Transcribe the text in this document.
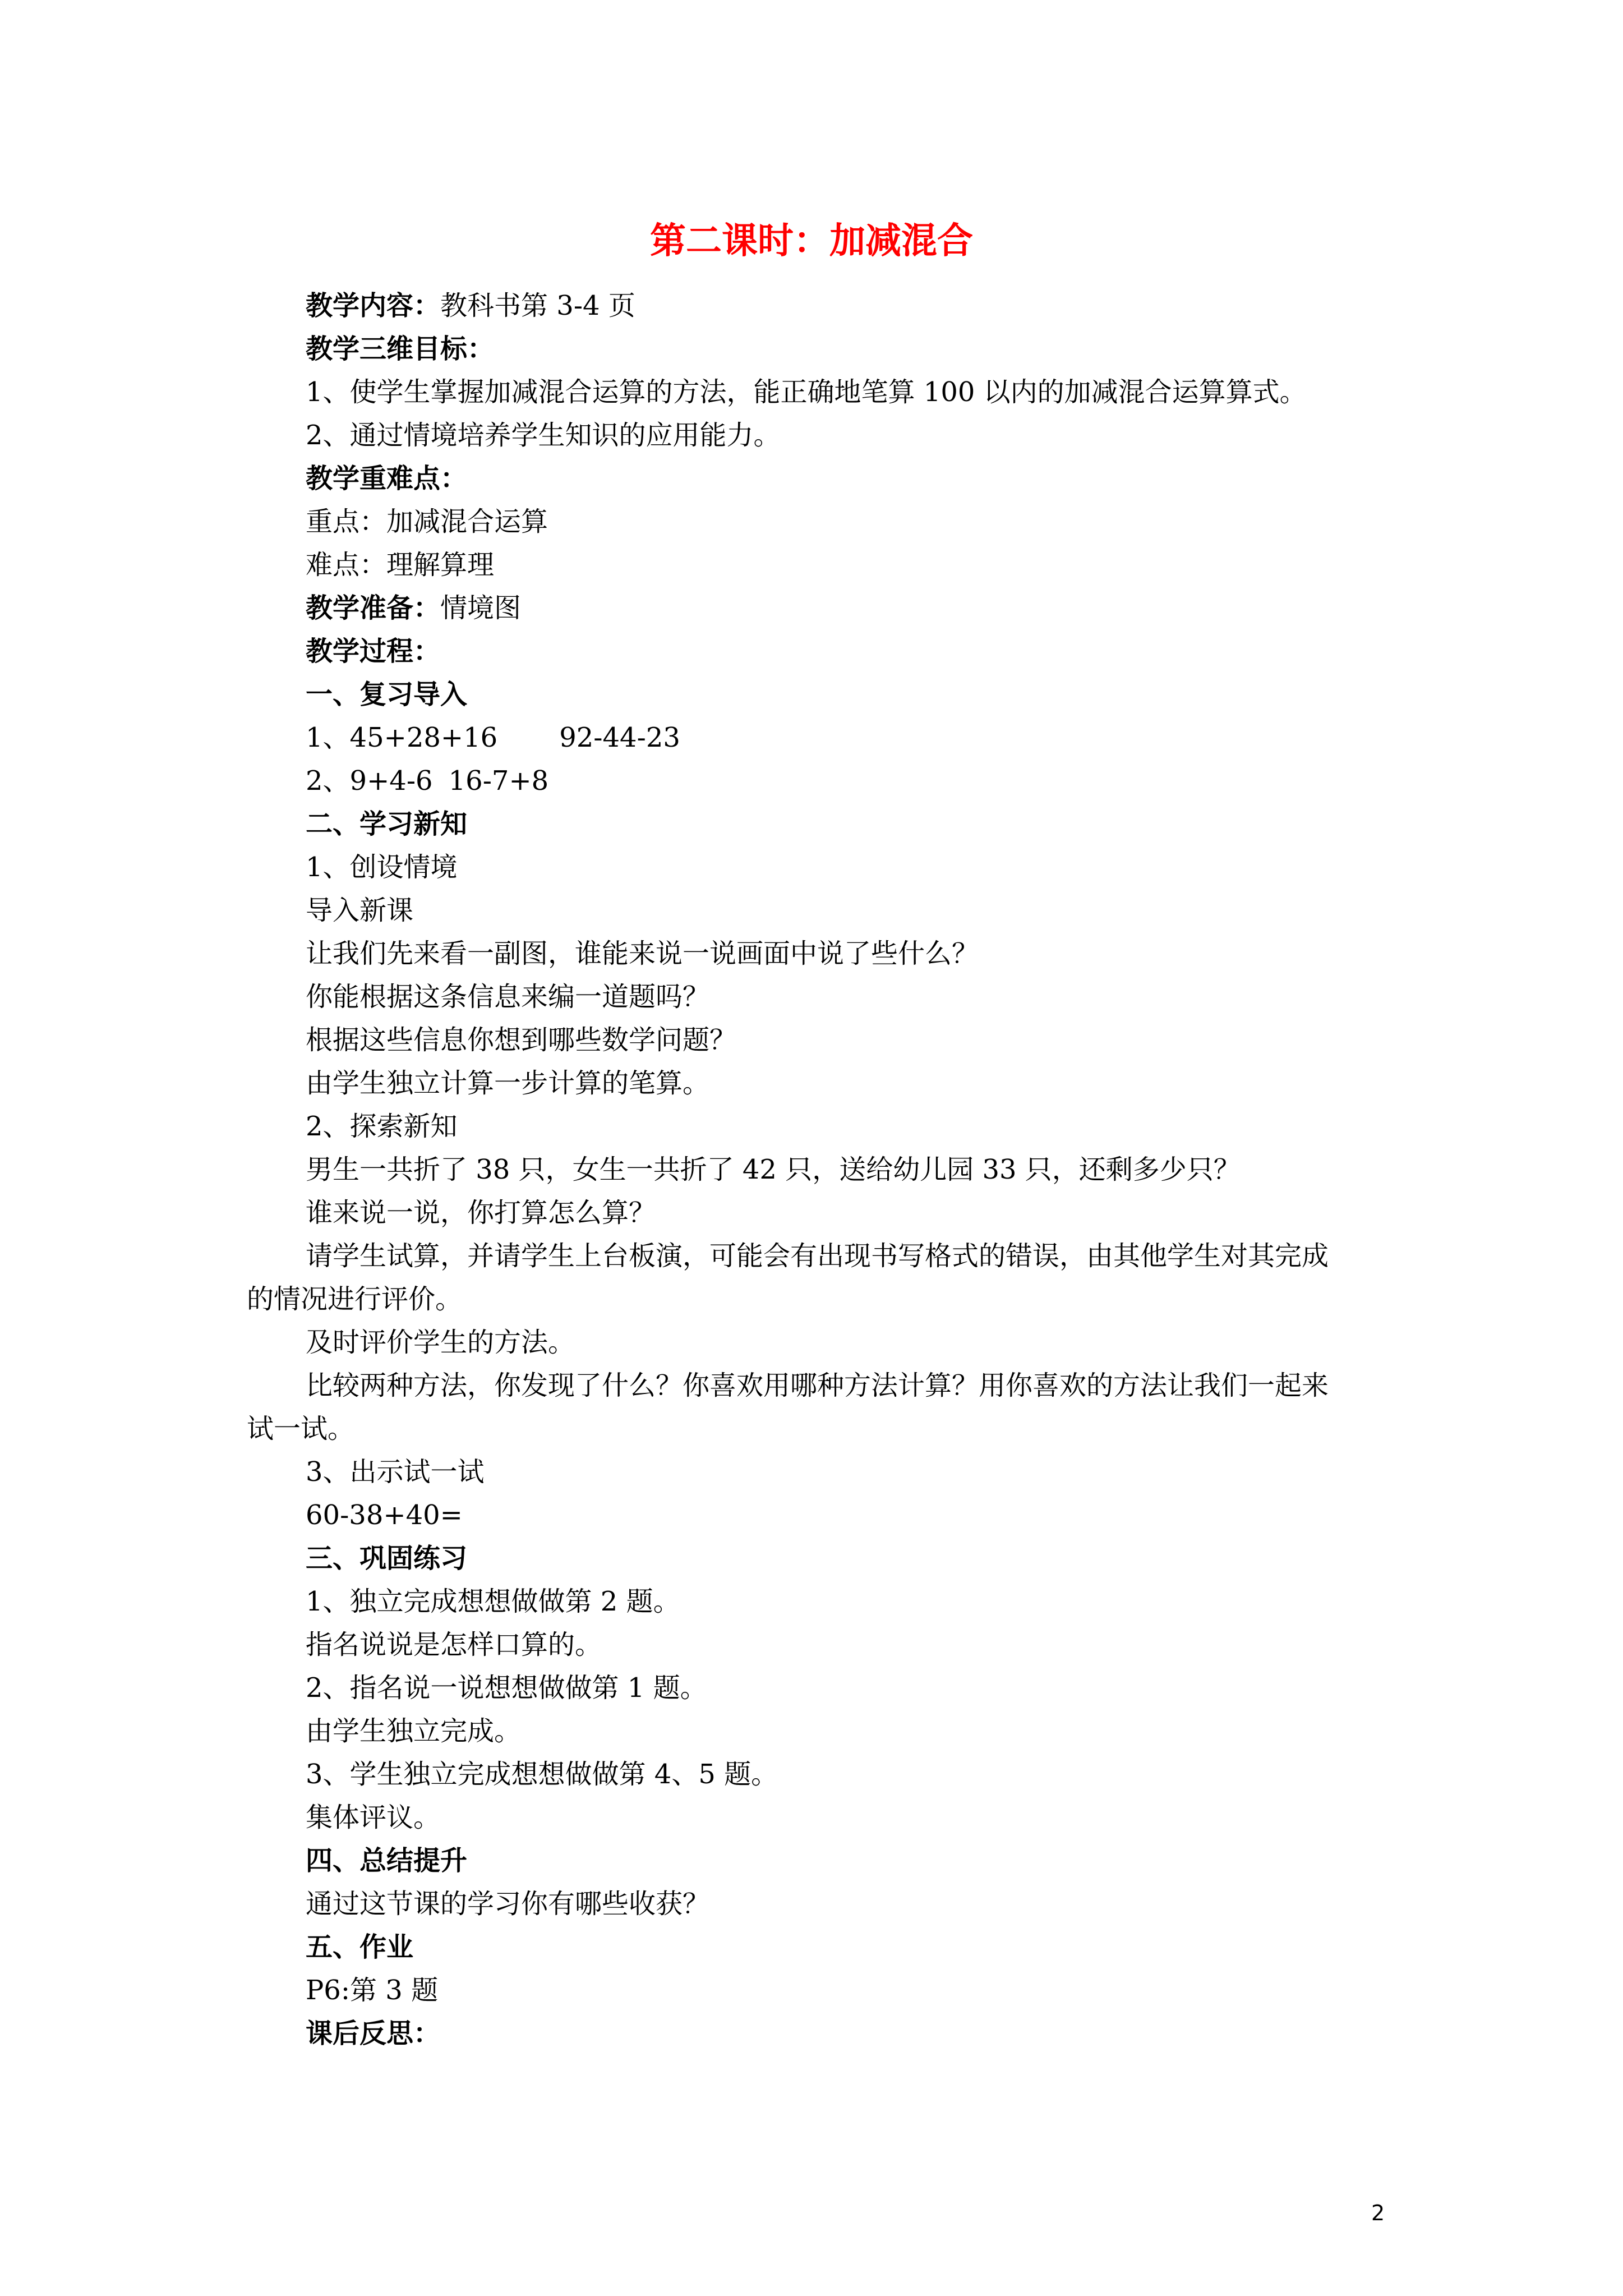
第二课时：加减混合
教学内容：教科书第 3-4 页
教学三维目标：
1、使学生掌握加减混合运算的方法，能正确地笔算 100 以内的加减混合运算算式。
2、通过情境培养学生知识的应用能力。
教学重难点：
重点：加减混合运算
难点：理解算理
教学准备：情境图
教学过程：
一、复习导入
1、45+28+16 92-44-23
2、9+4-6 16-7+8
二、学习新知
1、创设情境
导入新课
让我们先来看一副图，谁能来说一说画面中说了些什么？
你能根据这条信息来编一道题吗？
根据这些信息你想到哪些数学问题？
由学生独立计算一步计算的笔算。
2、探索新知
男生一共折了 38 只，女生一共折了 42 只，送给幼儿园 33 只，还剩多少只？
谁来说一说，你打算怎么算？
请学生试算，并请学生上台板演，可能会有出现书写格式的错误，由其他学生对其完成
的情况进行评价。
及时评价学生的方法。
比较两种方法，你发现了什么？你喜欢用哪种方法计算？用你喜欢的方法让我们一起来
试一试。
3、出示试一试
60-38+40=
三、巩固练习
1、独立完成想想做做第 2 题。
指名说说是怎样口算的。
2、指名说一说想想做做第 1 题。
由学生独立完成。
3、学生独立完成想想做做第 4、5 题。
集体评议。
四、总结提升
通过这节课的学习你有哪些收获？
五、作业
P6:第 3 题
课后反思：
2
